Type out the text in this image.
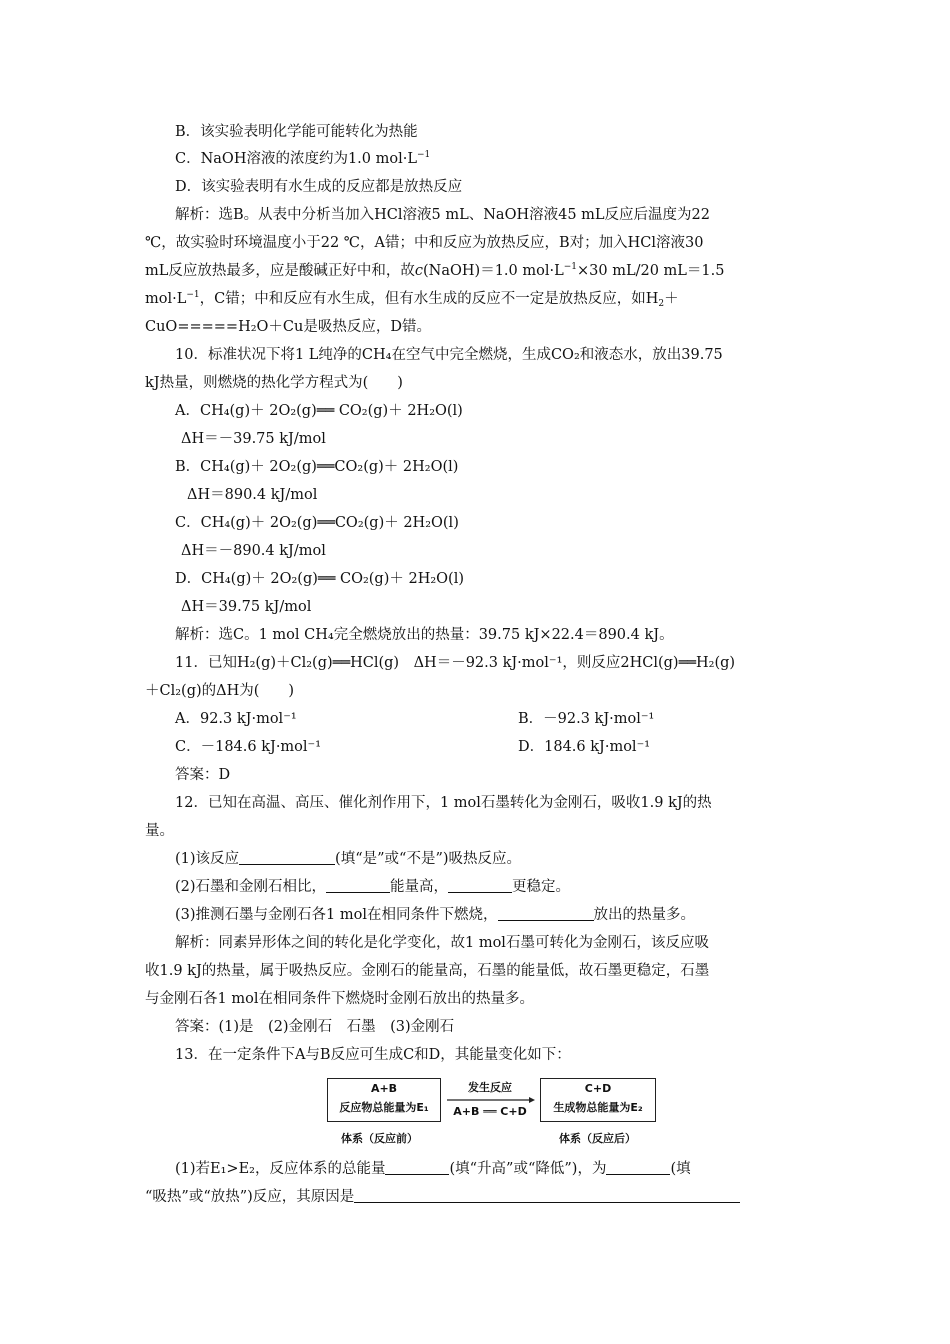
B．该实验表明化学能可能转化为热能
C．NaOH溶液的浓度约为1.0 $mol\cdot L^{-1}$
D．该实验表明有水生成的反应都是放热反应
解析：选B。从表中分析当加入HCl溶液5 mL、NaOH溶液45 mL反应后温度为22
℃，故实验时环境温度小于22 ℃，A错；中和反应为放热反应，B对；加入HCl溶液30
mL反应放热最多，应是酸碱正好中和，故c(NaOH)＝1.0 $mol\cdot L^{-1}\times 30$ mL/20 mL＝1.5
$mol\cdot L^{-1}$，C错；中和反应有水生成，但有水生成的反应不一定是放热反应，如$H_2+$
CuO=====H₂O＋Cu是吸热反应，D错。
10．标准状况下将1 L纯净的CH₄在空气中完全燃烧，生成CO₂和液态水，放出39.75
kJ热量，则燃烧的热化学方程式为(　　)
A．CH₄(g)＋ 2O₂(g)══ CO₂(g)＋ 2H₂O(l)
ΔH＝－39.75 kJ/mol
B．CH₄(g)＋ 2O₂(g)══CO₂(g)＋ 2H₂O(l)
ΔH＝890.4 kJ/mol
C．CH₄(g)＋ 2O₂(g)══CO₂(g)＋ 2H₂O(l)
ΔH＝－890.4 kJ/mol
D．CH₄(g)＋ 2O₂(g)══ CO₂(g)＋ 2H₂O(l)
ΔH＝39.75 kJ/mol
解析：选C。1 mol CH₄完全燃烧放出的热量：39.75 kJ×22.4＝890.4 kJ。
11．已知H₂(g)＋Cl₂(g)══HCl(g)　ΔH＝－92.3 kJ·mol⁻¹，则反应2HCl(g)══H₂(g)
＋Cl₂(g)的ΔH为(　　)
A．92.3 kJ·mol⁻¹	B．－92.3 kJ·mol⁻¹
C．－184.6 kJ·mol⁻¹	D．184.6 kJ·mol⁻¹
答案：D
12．已知在高温、高压、催化剂作用下，1 mol石墨转化为金刚石，吸收1.9 kJ的热
量。
(1)该反应	(填“是”或“不是”)吸热反应。
(2)石墨和金刚石相比，	能量高，	更稳定。
(3)推测石墨与金刚石各1 mol在相同条件下燃烧，	放出的热量多。
解析：同素异形体之间的转化是化学变化，故1 mol石墨可转化为金刚石，该反应吸
收1.9 kJ的热量，属于吸热反应。金刚石的能量高，石墨的能量低，故石墨更稳定，石墨
与金刚石各1 mol在相同条件下燃烧时金刚石放出的热量多。
答案：(1)是　(2)金刚石　石墨　(3)金刚石
13．在一定条件下A与B反应可生成C和D，其能量变化如下：
A+B
反应物总能量为E₁
发生反应
A+B ══ C+D
C+D
生成物总能量为E₂
体系（反应前）	体系（反应后）
(1)若E₁>E₂，反应体系的总能量	(填“升高”或“降低”)，为	(填
“吸热”或“放热”)反应，其原因是
